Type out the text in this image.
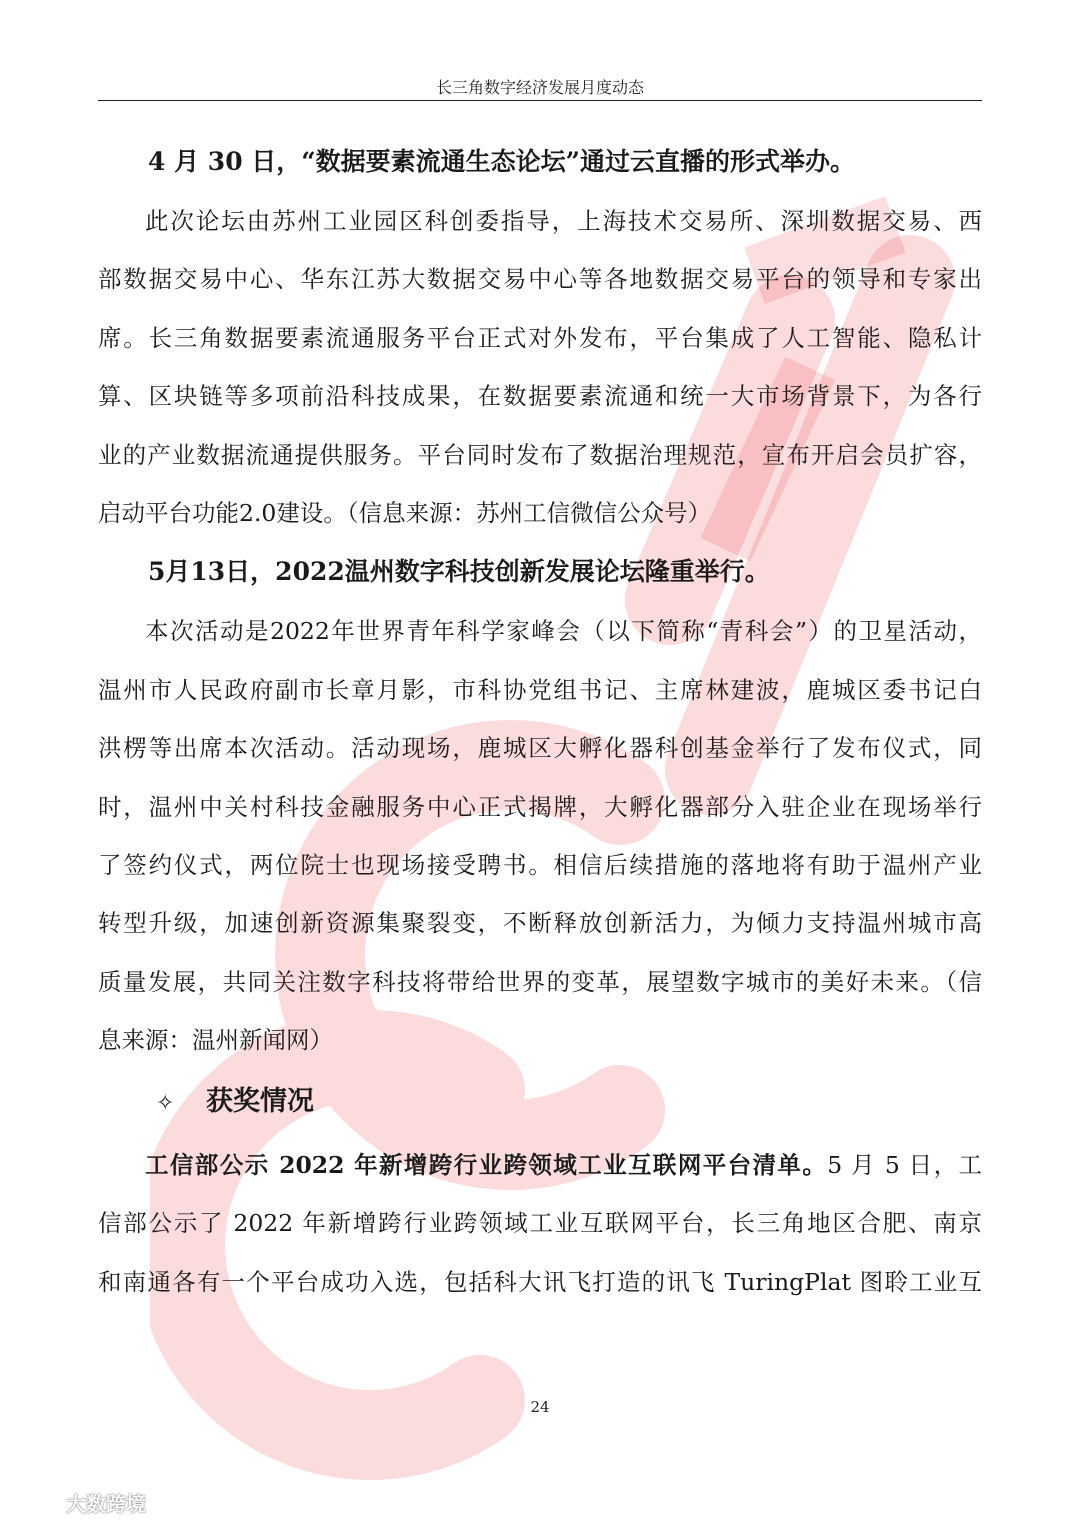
长三角数字经济发展月度动态

4 月 30 日，“数据要素流通生态论坛”通过云直播的形式举办。

此次论坛由苏州工业园区科创委指导，上海技术交易所、深圳数据交易、西

部数据交易中心、华东江苏大数据交易中心等各地数据交易平台的领导和专家出

席。长三角数据要素流通服务平台正式对外发布，平台集成了人工智能、隐私计

算、区块链等多项前沿科技成果，在数据要素流通和统一大市场背景下，为各行

业的产业数据流通提供服务。平台同时发布了数据治理规范，宣布开启会员扩容，

启动平台功能2.0建设。（信息来源：苏州工信微信公众号）

5月13日，2022温州数字科技创新发展论坛隆重举行。

本次活动是2022年世界青年科学家峰会（以下简称“青科会”）的卫星活动，

温州市人民政府副市长章月影，市科协党组书记、主席林建波，鹿城区委书记白

洪楞等出席本次活动。活动现场，鹿城区大孵化器科创基金举行了发布仪式，同

时，温州中关村科技金融服务中心正式揭牌，大孵化器部分入驻企业在现场举行

了签约仪式，两位院士也现场接受聘书。相信后续措施的落地将有助于温州产业

转型升级，加速创新资源集聚裂变，不断释放创新活力，为倾力支持温州城市高

质量发展，共同关注数字科技将带给世界的变革，展望数字城市的美好未来。（信

息来源：温州新闻网）

✧ 获奖情况

工信部公示 2022 年新增跨行业跨领域工业互联网平台清单。5 月 5 日，工

信部公示了 2022 年新增跨行业跨领域工业互联网平台，长三角地区合肥、南京

和南通各有一个平台成功入选，包括科大讯飞打造的讯飞 TuringPlat 图聆工业互

24
大数跨境
